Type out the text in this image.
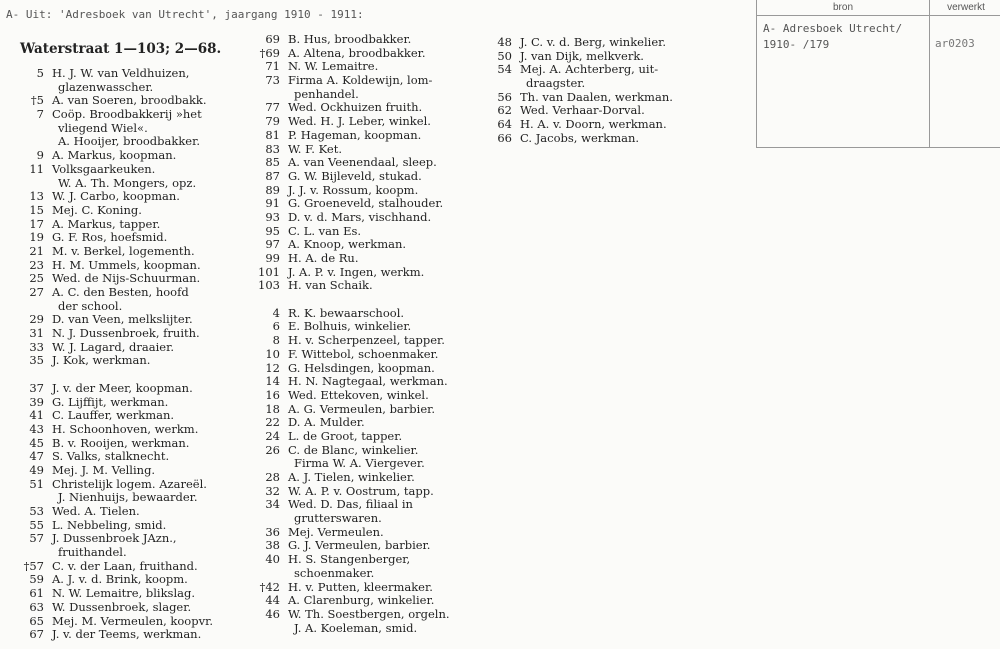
A- Uit: 'Adresboek van Utrecht', jaargang 1910 - 1911:
bron	verwerkt
A- Adresboek Utrecht/
1910- /179	ar0203
Waterstraat 1—103; 2—68.
5 H. J. W. van Veldhuizen,
glazenwasscher.
†5 A. van Soeren, broodbakk.
7 Coöp. Broodbakkerij »het
vliegend Wiel«.
A. Hooijer, broodbakker.
9 A. Markus, koopman.
11 Volksgaarkeuken.
W. A. Th. Mongers, opz.
13 W. J. Carbo, koopman.
15 Mej. C. Koning.
17 A. Markus, tapper.
19 G. F. Ros, hoefsmid.
21 M. v. Berkel, logementh.
23 H. M. Ummels, koopman.
25 Wed. de Nijs-Schuurman.
27 A. C. den Besten, hoofd
der school.
29 D. van Veen, melkslijter.
31 N. J. Dussenbroek, fruith.
33 W. J. Lagard, draaier.
35 J. Kok, werkman.
37 J. v. der Meer, koopman.
39 G. Lijffijt, werkman.
41 C. Lauffer, werkman.
43 H. Schoonhoven, werkm.
45 B. v. Rooijen, werkman.
47 S. Valks, stalknecht.
49 Mej. J. M. Velling.
51 Christelijk logem. Azareël.
J. Nienhuijs, bewaarder.
53 Wed. A. Tielen.
55 L. Nebbeling, smid.
57 J. Dussenbroek JAzn.,
fruithandel.
†57 C. v. der Laan, fruithand.
59 A. J. v. d. Brink, koopm.
61 N. W. Lemaitre, blikslag.
63 W. Dussenbroek, slager.
65 Mej. M. Vermeulen, koopvr.
67 J. v. der Teems, werkman.
69 B. Hus, broodbakker.
†69 A. Altena, broodbakker.
71 N. W. Lemaitre.
73 Firma A. Koldewijn, lom-
penhandel.
77 Wed. Ockhuizen fruith.
79 Wed. H. J. Leber, winkel.
81 P. Hageman, koopman.
83 W. F. Ket.
85 A. van Veenendaal, sleep.
87 G. W. Bijleveld, stukad.
89 J. J. v. Rossum, koopm.
91 G. Groeneveld, stalhouder.
93 D. v. d. Mars, vischhand.
95 C. L. van Es.
97 A. Knoop, werkman.
99 H. A. de Ru.
101 J. A. P. v. Ingen, werkm.
103 H. van Schaik.
4 R. K. bewaarschool.
6 E. Bolhuis, winkelier.
8 H. v. Scherpenzeel, tapper.
10 F. Wittebol, schoenmaker.
12 G. Helsdingen, koopman.
14 H. N. Nagtegaal, werkman.
16 Wed. Ettekoven, winkel.
18 A. G. Vermeulen, barbier.
22 D. A. Mulder.
24 L. de Groot, tapper.
26 C. de Blanc, winkelier.
Firma W. A. Viergever.
28 A. J. Tielen, winkelier.
32 W. A. P. v. Oostrum, tapp.
34 Wed. D. Das, filiaal in
grutterswaren.
36 Mej. Vermeulen.
38 G. J. Vermeulen, barbier.
40 H. S. Stangenberger,
schoenmaker.
†42 H. v. Putten, kleermaker.
44 A. Clarenburg, winkelier.
46 W. Th. Soestbergen, orgeln.
J. A. Koeleman, smid.
48 J. C. v. d. Berg, winkelier.
50 J. van Dijk, melkverk.
54 Mej. A. Achterberg, uit-
draagster.
56 Th. van Daalen, werkman.
62 Wed. Verhaar-Dorval.
64 H. A. v. Doorn, werkman.
66 C. Jacobs, werkman.
